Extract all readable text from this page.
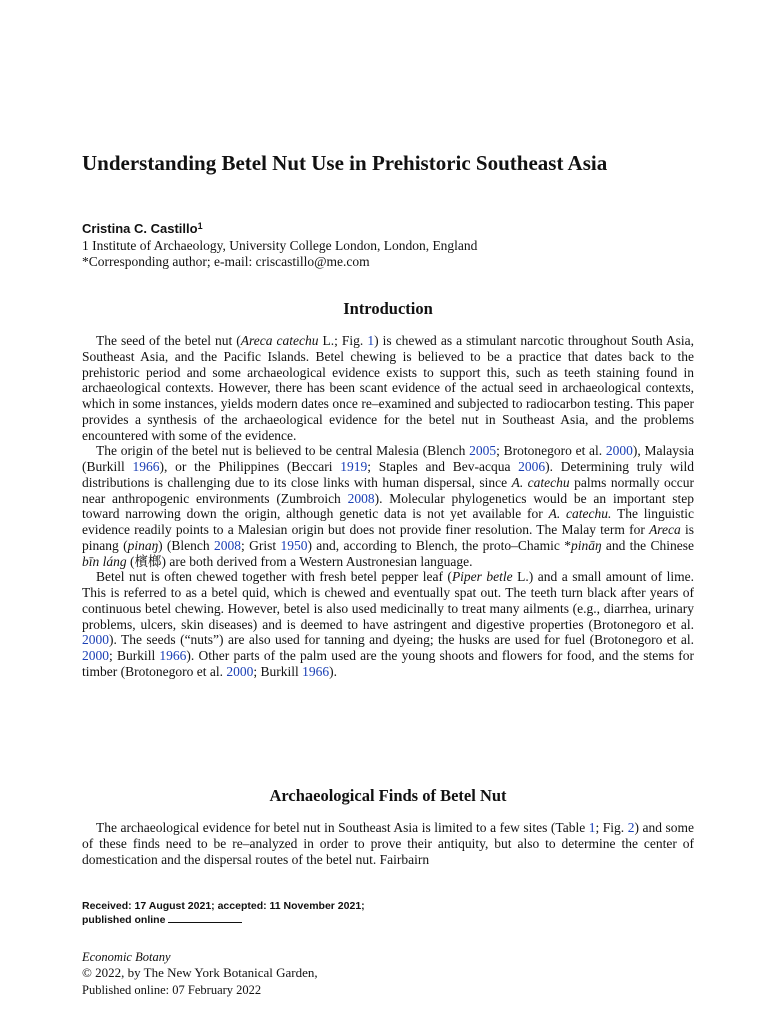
Understanding Betel Nut Use in Prehistoric Southeast Asia
Cristina C. Castillo$^1$
1 Institute of Archaeology, University College London, London, England
*Corresponding author; e-mail: criscastillo@me.com
Introduction

The seed of the betel nut (Areca catechu L.; Fig. 1) is chewed as a stimulant narcotic throughout South Asia, Southeast Asia, and the Pacific Islands. Betel chewing is believed to be a practice that dates back to the prehistoric period and some archaeological evidence exists to support this, such as teeth staining found in archaeological contexts. However, there has been scant evidence of the actual seed in archaeological contexts, which in some instances, yields modern dates once re–examined and subjected to radiocarbon testing. This paper provides a synthesis of the archaeological evidence for the betel nut in Southeast Asia, and the problems encountered with some of the evidence.

The origin of the betel nut is believed to be central Malesia (Blench 2005; Brotonegoro et al. 2000), Malaysia (Burkill 1966), or the Philippines (Beccari 1919; Staples and Bev-acqua 2006). Determining truly wild distributions is challenging due to its close links with human dispersal, since A. catechu palms normally occur near anthropogenic environments (Zumbroich 2008). Molecular phylogenetics would be an important step toward narrowing down the origin, although genetic data is not yet available for A. catechu. The linguistic evidence readily points to a Malesian origin but does not provide finer resolution. The Malay term for Areca is pinang (pinaŋ) (Blench 2008; Grist 1950) and, according to Blench, the proto–Chamic *pināŋ and the Chinese bīn láng (檳榔) are both derived from a Western Austronesian language.

Betel nut is often chewed together with fresh betel pepper leaf (Piper betle L.) and a small amount of lime. This is referred to as a betel quid, which is chewed and eventually spat out. The teeth turn black after years of continuous betel chewing. However, betel is also used medicinally to treat many ailments (e.g., diarrhea, urinary problems, ulcers, skin diseases) and is deemed to have astringent and digestive properties (Brotonegoro et al. 2000). The seeds (“nuts”) are also used for tanning and dyeing; the husks are used for fuel (Brotonegoro et al. 2000; Burkill 1966). Other parts of the palm used are the young shoots and flowers for food, and the stems for timber (Brotonegoro et al. 2000; Burkill 1966).

Archaeological Finds of Betel Nut

The archaeological evidence for betel nut in Southeast Asia is limited to a few sites (Table 1; Fig. 2) and some of these finds need to be re–analyzed in order to prove their antiquity, but also to determine the center of domestication and the dispersal routes of the betel nut. Fairbairn

Received: 17 August 2021; accepted: 11 November 2021;
published online
Economic Botany
© 2022, by The New York Botanical Garden,
Published online: 07 February 2022
